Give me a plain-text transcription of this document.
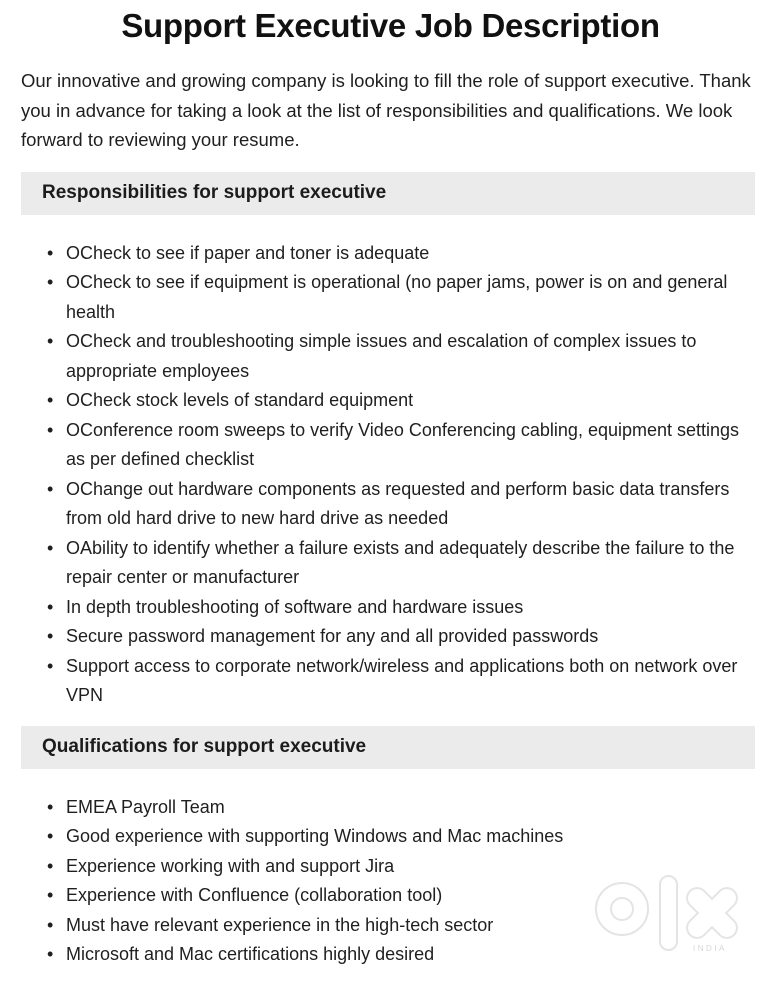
Support Executive Job Description

Our innovative and growing company is looking to fill the role of support executive. Thank you in advance for taking a look at the list of responsibilities and qualifications. We look forward to reviewing your resume.

Responsibilities for support executive
• OCheck to see if paper and toner is adequate
• OCheck to see if equipment is operational (no paper jams, power is on and general health
• OCheck and troubleshooting simple issues and escalation of complex issues to appropriate employees
• OCheck stock levels of standard equipment
• OConference room sweeps to verify Video Conferencing cabling, equipment settings as per defined checklist
• OChange out hardware components as requested and perform basic data transfers from old hard drive to new hard drive as needed
• OAbility to identify whether a failure exists and adequately describe the failure to the repair center or manufacturer
• In depth troubleshooting of software and hardware issues
• Secure password management for any and all provided passwords
• Support access to corporate network/wireless and applications both on network over VPN
Qualifications for support executive
• EMEA Payroll Team
• Good experience with supporting Windows and Mac machines
• Experience working with and support Jira
• Experience with Confluence (collaboration tool)
• Must have relevant experience in the high-tech sector
• Microsoft and Mac certifications highly desired	INDIA
